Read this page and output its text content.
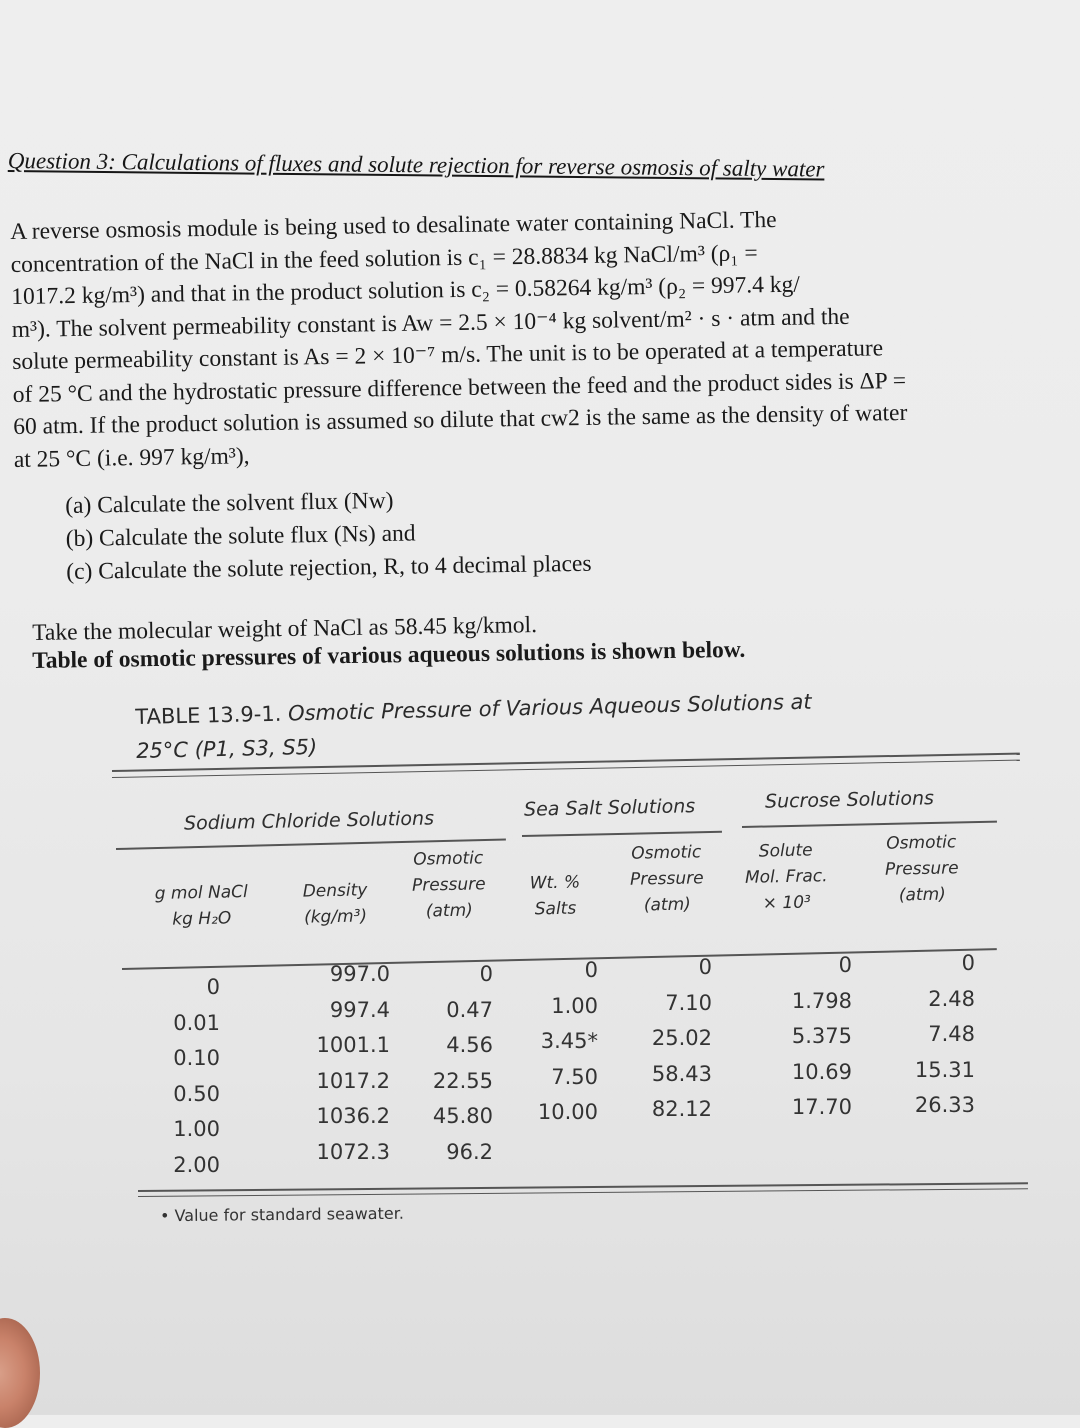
Question 3: Calculations of fluxes and solute rejection for reverse osmosis of salty water
A reverse osmosis module is being used to desalinate water containing NaCl. The
concentration of the NaCl in the feed solution is c₁ = 28.8834 kg NaCl/m³ (ρ₁ =
1017.2 kg/m³) and that in the product solution is c₂ = 0.58264 kg/m³ (ρ₂ = 997.4 kg/
m³). The solvent permeability constant is Aw = 2.5 × 10⁻⁴ kg solvent/m² · s · atm and the
solute permeability constant is As = 2 × 10⁻⁷ m/s. The unit is to be operated at a temperature
of 25 °C and the hydrostatic pressure difference between the feed and the product sides is ΔP =
60 atm. If the product solution is assumed so dilute that cw2 is the same as the density of water
at 25 °C (i.e. 997 kg/m³),
(a) Calculate the solvent flux (Nw)
(b) Calculate the solute flux (Ns) and
(c) Calculate the solute rejection, R, to 4 decimal places
Take the molecular weight of NaCl as 58.45 kg/kmol.
Table of osmotic pressures of various aqueous solutions is shown below.
TABLE 13.9-1. Osmotic Pressure of Various Aqueous Solutions at
25°C (P1, S3, S5)
Sodium Chloride Solutions	Sea Salt Solutions	Sucrose Solutions
g mol NaCl
kg H₂O
Density
(kg/m³)
Osmotic
Pressure
(atm)
Wt. %
Salts
Osmotic
Pressure
(atm)
Solute
Mol. Frac.
× 10³
Osmotic
Pressure
(atm)
0
0.01
0.10
0.50
1.00
2.00
997.0
997.4
1001.1
1017.2
1036.2
1072.3
0
0.47
4.56
22.55
45.80
96.2
0
1.00
3.45*
7.50
10.00
0
7.10
25.02
58.43
82.12
0
1.798
5.375
10.69
17.70
0
2.48
7.48
15.31
26.33
• Value for standard seawater.
